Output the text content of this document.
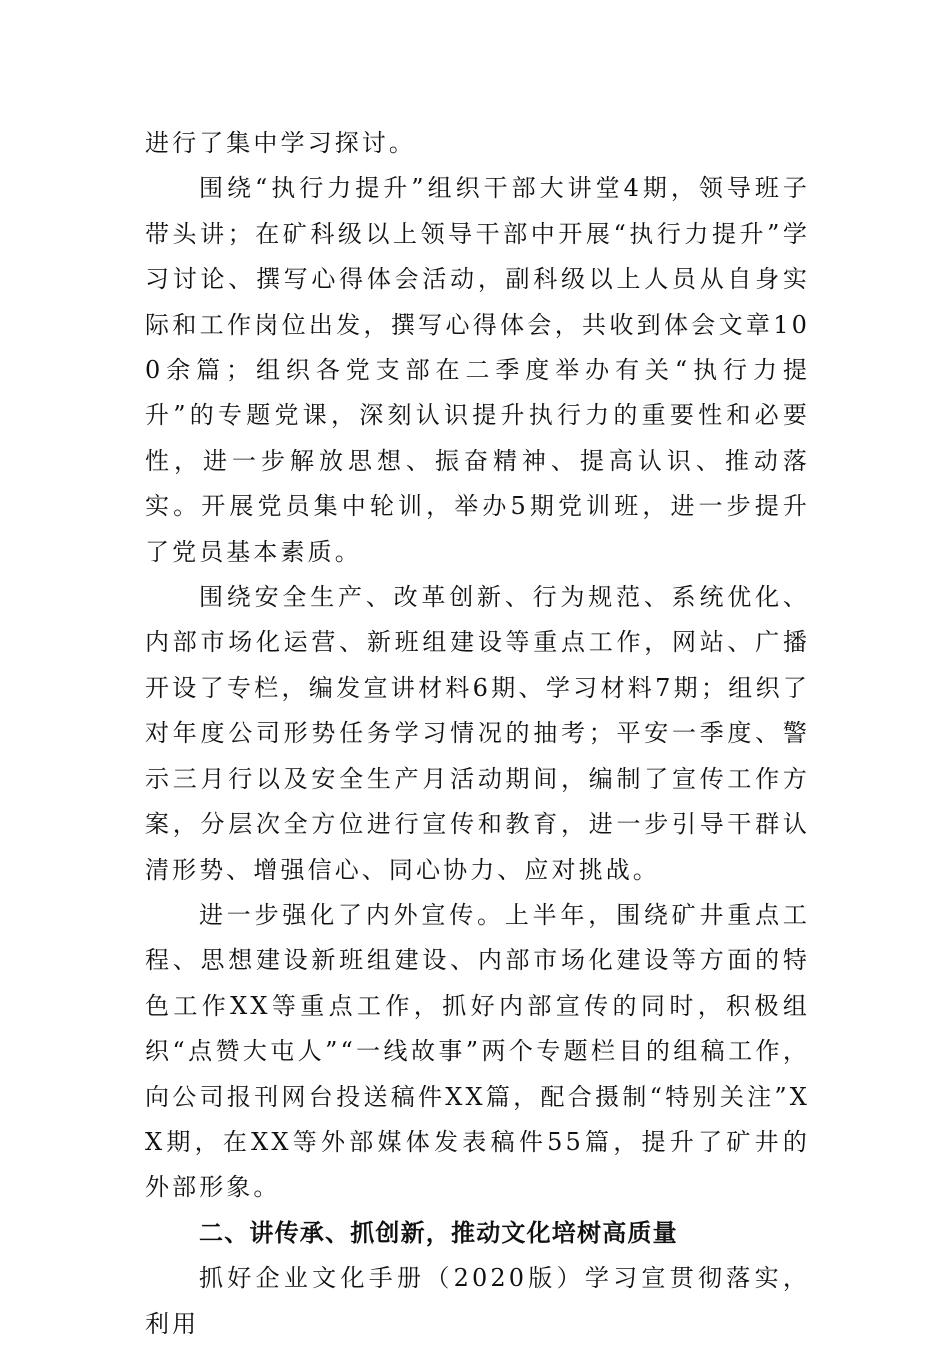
进行了集中学习探讨。

围绕“执行力提升”组织干部大讲堂4期，领导班子带头讲；在矿科级以上领导干部中开展“执行力提升”学习讨论、撰写心得体会活动，副科级以上人员从自身实际和工作岗位出发，撰写心得体会，共收到体会文章100余篇；组织各党支部在二季度举办有关“执行力提升”的专题党课，深刻认识提升执行力的重要性和必要性，进一步解放思想、振奋精神、提高认识、推动落实。开展党员集中轮训，举办5期党训班，进一步提升了党员基本素质。

围绕安全生产、改革创新、行为规范、系统优化、内部市场化运营、新班组建设等重点工作，网站、广播开设了专栏，编发宣讲材料6期、学习材料7期；组织了对年度公司形势任务学习情况的抽考；平安一季度、警示三月行以及安全生产月活动期间，编制了宣传工作方案，分层次全方位进行宣传和教育，进一步引导干群认清形势、增强信心、同心协力、应对挑战。

进一步强化了内外宣传。上半年，围绕矿井重点工程、思想建设新班组建设、内部市场化建设等方面的特色工作XX等重点工作，抓好内部宣传的同时，积极组织“点赞大屯人”“一线故事”两个专题栏目的组稿工作，向公司报刊网台投送稿件XX篇，配合摄制“特别关注”XX期，在XX等外部媒体发表稿件55篇，提升了矿井的外部形象。

二、讲传承、抓创新，推动文化培树高质量

抓好企业文化手册（2020版）学习宣贯彻落实，利用
